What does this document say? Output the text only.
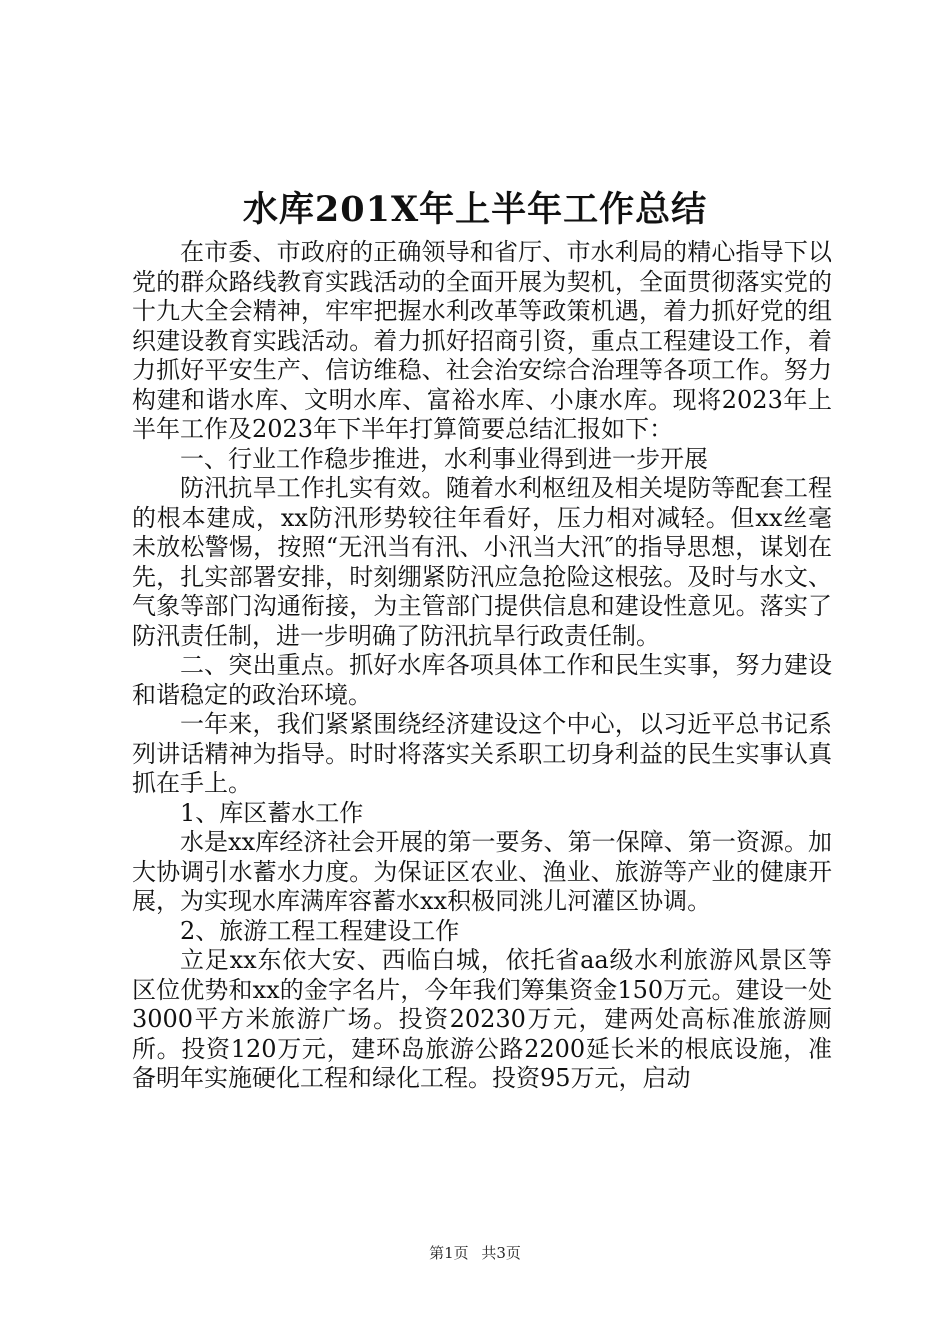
水库201X年上半年工作总结

在市委、市政府的正确领导和省厅、市水利局的精心指导下以党的群众路线教育实践活动的全面开展为契机，全面贯彻落实党的十九大全会精神，牢牢把握水利改革等政策机遇，着力抓好党的组织建设教育实践活动。着力抓好招商引资，重点工程建设工作，着力抓好平安生产、信访维稳、社会治安综合治理等各项工作。努力构建和谐水库、文明水库、富裕水库、小康水库。现将2023年上半年工作及2023年下半年打算简要总结汇报如下：

一、行业工作稳步推进，水利事业得到进一步开展

防汛抗旱工作扎实有效。随着水利枢纽及相关堤防等配套工程的根本建成，xx防汛形势较往年看好，压力相对减轻。但xx丝毫未放松警惕，按照“无汛当有汛、小汛当大汛″的指导思想，谋划在先，扎实部署安排，时刻绷紧防汛应急抢险这根弦。及时与水文、气象等部门沟通衔接，为主管部门提供信息和建设性意见。落实了防汛责任制，进一步明确了防汛抗旱行政责任制。

二、突出重点。抓好水库各项具体工作和民生实事，努力建设和谐稳定的政治环境。

一年来，我们紧紧围绕经济建设这个中心，以习近平总书记系列讲话精神为指导。时时将落实关系职工切身利益的民生实事认真抓在手上。

1、库区蓄水工作

水是xx库经济社会开展的第一要务、第一保障、第一资源。加大协调引水蓄水力度。为保证区农业、渔业、旅游等产业的健康开展，为实现水库满库容蓄水xx积极同洮儿河灌区协调。

2、旅游工程工程建设工作

立足xx东依大安、西临白城，依托省aa级水利旅游风景区等区位优势和xx的金字名片，今年我们筹集资金150万元。建设一处3000平方米旅游广场。投资20230万元，建两处高标准旅游厕所。投资120万元，建环岛旅游公路2200延长米的根底设施，准备明年实施硬化工程和绿化工程。投资95万元，启动

第1页 共3页
